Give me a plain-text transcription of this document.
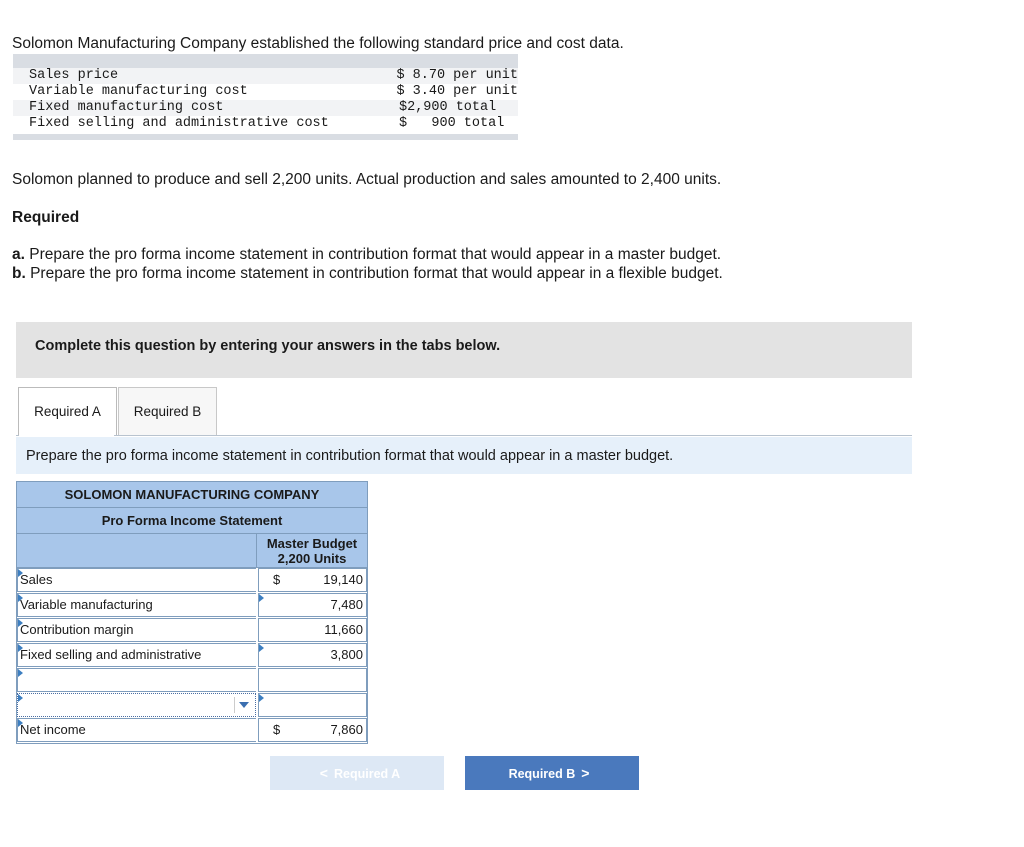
Solomon Manufacturing Company established the following standard price and cost data.
Sales price	$ 8.70 per unit
Variable manufacturing cost	$ 3.40 per unit
Fixed manufacturing cost	$2,900 total
Fixed selling and administrative cost	$   900 total
Solomon planned to produce and sell 2,200 units. Actual production and sales amounted to 2,400 units.
Required
a. Prepare the pro forma income statement in contribution format that would appear in a master budget.
b. Prepare the pro forma income statement in contribution format that would appear in a flexible budget.
Complete this question by entering your answers in the tabs below.
Required A	Required B
Prepare the pro forma income statement in contribution format that would appear in a master budget.
SOLOMON MANUFACTURING COMPANY
Pro Forma Income Statement
Master Budget
2,200 Units
Sales	$	19,140
Variable manufacturing	7,480
Contribution margin	11,660
Fixed selling and administrative	3,800
Net income	$	7,860
< Required A	Required B >
